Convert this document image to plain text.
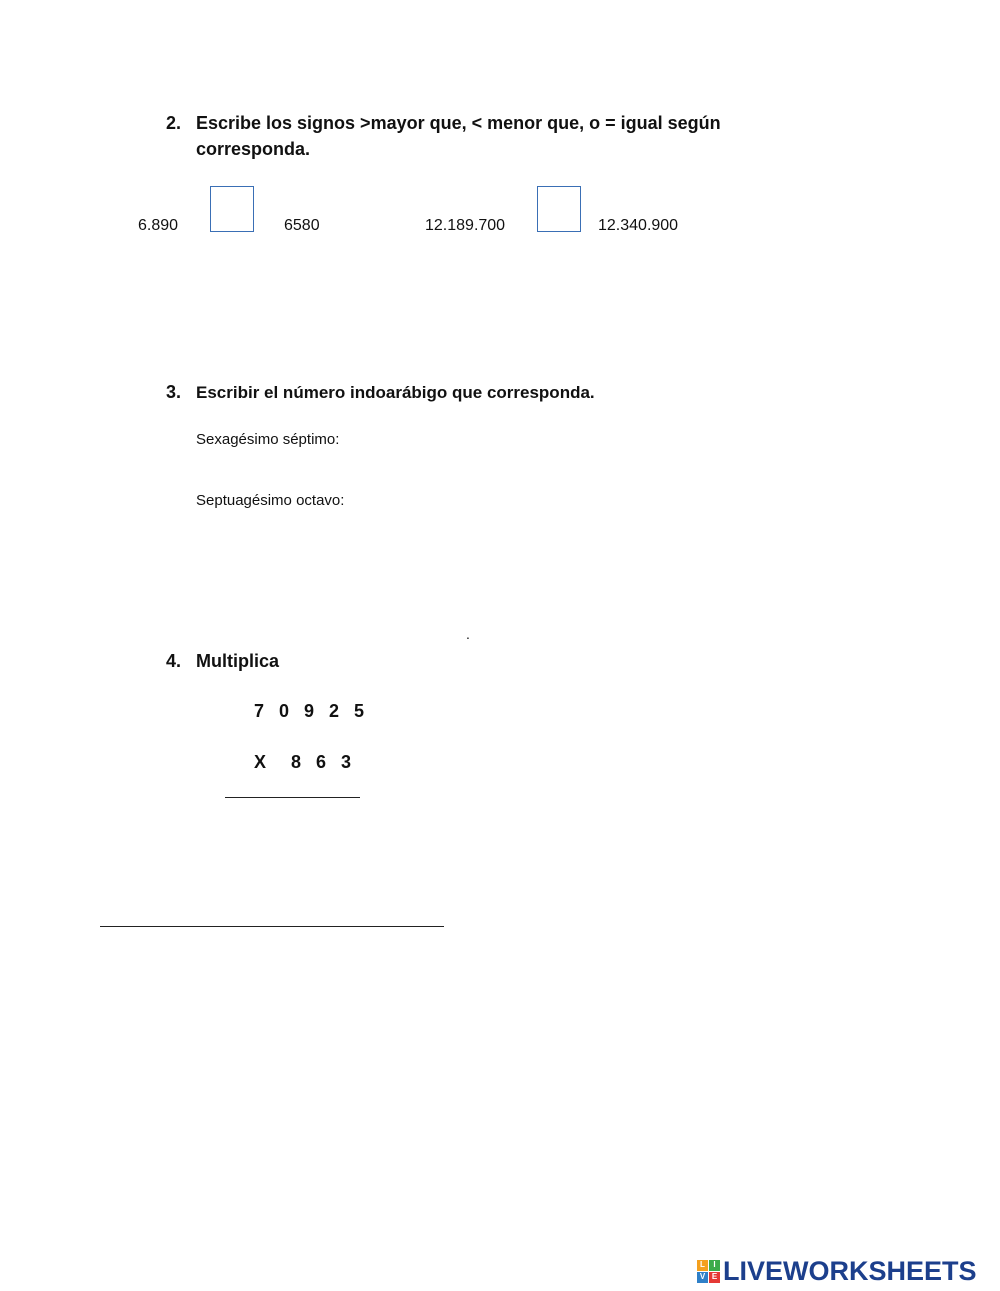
2. Escribe los signos >mayor que, < menor que, o = igual según corresponda.
6.890	6580	12.189.700	12.340.900
3. Escribir el número indoarábigo que corresponda.
Sexagésimo séptimo:
Septuagésimo octavo:
.
4. Multiplica
7 0 9 2 5
X  8 6 3
L	I
V E LIVEWORKSHEETS
